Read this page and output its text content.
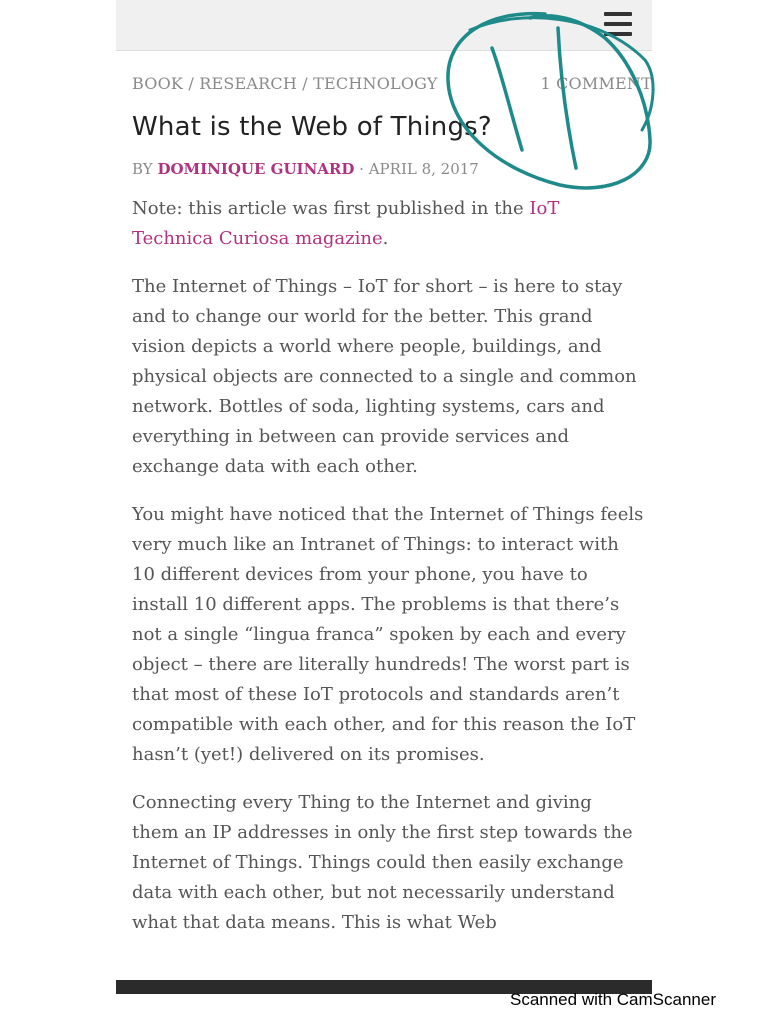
BOOK / RESEARCH / TECHNOLOGY	1 COMMENT
What is the Web of Things?
BY DOMINIQUE GUINARD · APRIL 8, 2017

Note: this article was first published in the IoT Technica Curiosa magazine.

The Internet of Things – IoT for short – is here to stay and to change our world for the better. This grand vision depicts a world where people, buildings, and physical objects are connected to a single and common network. Bottles of soda, lighting systems, cars and everything in between can provide services and exchange data with each other.

You might have noticed that the Internet of Things feels very much like an Intranet of Things: to interact with 10 different devices from your phone, you have to install 10 different apps. The problems is that there’s not a single “lingua franca” spoken by each and every object – there are literally hundreds! The worst part is that most of these IoT protocols and standards aren’t compatible with each other, and for this reason the IoT hasn’t (yet!) delivered on its promises.

Connecting every Thing to the Internet and giving them an IP addresses in only the first step towards the Internet of Things. Things could then easily exchange data with each other, but not necessarily understand what that data means. This is what Web

Scanned with CamScanner
